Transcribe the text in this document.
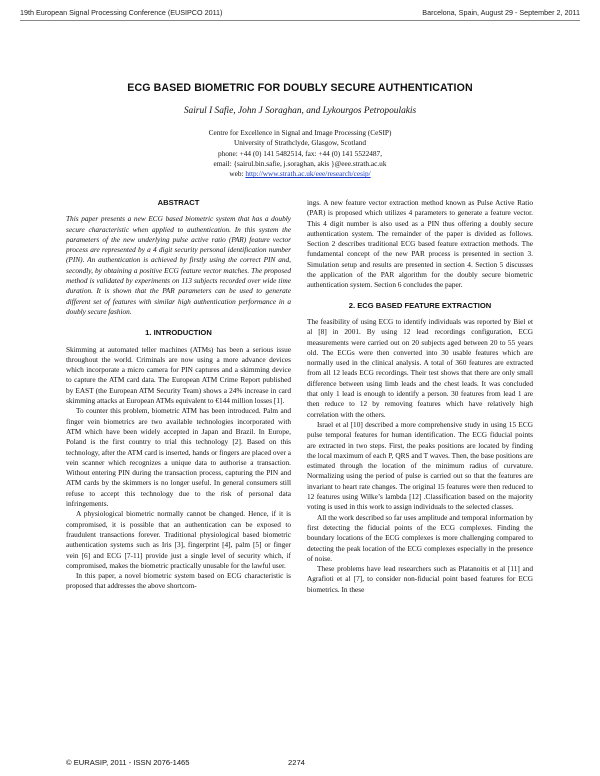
19th European Signal Processing Conference (EUSIPCO 2011)	Barcelona, Spain, August 29 - September 2, 2011
ECG BASED BIOMETRIC FOR DOUBLY SECURE AUTHENTICATION
Sairul I Safie, John J Soraghan, and Lykourgos Petropoulakis
Centre for Excellence in Signal and Image Processing (CeSIP)
University of Strathclyde, Glasgow, Scotland
phone: +44 (0) 141 5482514, fax: +44 (0) 141 5522487,
email: {sairul.bin.safie, j.soraghan, akis }@eee.strath.ac.uk
web: http://www.strath.ac.uk/eee/research/cesip/

ABSTRACT

This paper presents a new ECG based biometric system that has a doubly secure characteristic when applied to authentication. In this system the parameters of the new underlying pulse active ratio (PAR) feature vector process are represented by a 4 digit security personal identification number (PIN). An authentication is achieved by firstly using the correct PIN and, secondly, by obtaining a positive ECG feature vector matches. The proposed method is validated by experiments on 113 subjects recorded over wide time duration. It is shown that the PAR parameters can be used to generate different set of features with similar high authentication performance in a doubly secure fashion.

1. INTRODUCTION

Skimming at automated teller machines (ATMs) has been a serious issue throughout the world. Criminals are now using a more advance devices which incorporate a micro camera for PIN captures and a skimming device to capture the ATM card data. The European ATM Crime Report published by EAST (the European ATM Security Team) shows a 24% increase in card skimming attacks at European ATMs equivalent to €144 million losses [1].

To counter this problem, biometric ATM has been introduced. Palm and finger vein biometrics are two available technologies incorporated with ATM which have been widely accepted in Japan and Brazil. In Europe, Poland is the first country to trial this technology [2]. Based on this technology, after the ATM card is inserted, hands or fingers are placed over a vein scanner which recognizes a unique data to authorise a transaction. Without entering PIN during the transaction process, capturing the PIN and ATM cards by the skimmers is no longer useful. In general consumers still refuse to accept this technology due to the risk of personal data infringements.

A physiological biometric normally cannot be changed. Hence, if it is compromised, it is possible that an authentication can be exposed to fraudulent transactions forever. Traditional physiological based biometric authentication systems such as Iris [3], fingerprint [4], palm [5] or finger vein [6] and ECG [7-11] provide just a single level of security which, if compromised, makes the biometric practically unusable for the lawful user.

In this paper, a novel biometric system based on ECG characteristic is proposed that addresses the above shortcom-

ings. A new feature vector extraction method known as Pulse Active Ratio (PAR) is proposed which utilizes 4 parameters to generate a feature vector. This 4 digit number is also used as a PIN thus offering a doubly secure authentication system. The remainder of the paper is divided as follows. Section 2 describes traditional ECG based feature extraction methods. The fundamental concept of the new PAR process is presented in section 3. Simulation setup and results are presented in section 4. Section 5 discusses the application of the PAR algorithm for the doubly secure biometric authentication system. Section 6 concludes the paper.

2. ECG BASED FEATURE EXTRACTION

The feasibility of using ECG to identify individuals was reported by Biel et al [8] in 2001. By using 12 lead recordings configuration, ECG measurements were carried out on 20 subjects aged between 20 to 55 years old. The ECGs were then converted into 30 usable features which are normally used in the clinical analysis. A total of 360 features are extracted from all 12 leads ECG recordings. Their test shows that there are only small difference between using limb leads and the chest leads. It was concluded that only 1 lead is enough to identify a person. 30 features from lead 1 are then reduce to 12 by removing features which have relatively high correlation with the others.

Israel et al [10] described a more comprehensive study in using 15 ECG pulse temporal features for human identification. The ECG fiducial points are extracted in two steps. First, the peaks positions are located by finding the local maximum of each P, QRS and T waves. Then, the base positions are estimated through the location of the minimum radius of curvature. Normalizing using the period of pulse is carried out so that the features are invariant to heart rate changes. The original 15 features were then reduced to 12 features using Wilke’s lambda [12] .Classification based on the majority voting is used in this work to assign individuals to the selected classes.

All the work described so far uses amplitude and temporal information by first detecting the fiducial points of the ECG complexes. Finding the boundary locations of the ECG complexes is more challenging compared to detecting the peak location of the ECG complexes especially in the presence of noise.

These problems have lead researchers such as Platanoitis et al [11] and Agrafioti et al [7], to consider non-fiducial point based features for ECG biometrics. In these

© EURASIP, 2011 - ISSN 2076-1465	2274
